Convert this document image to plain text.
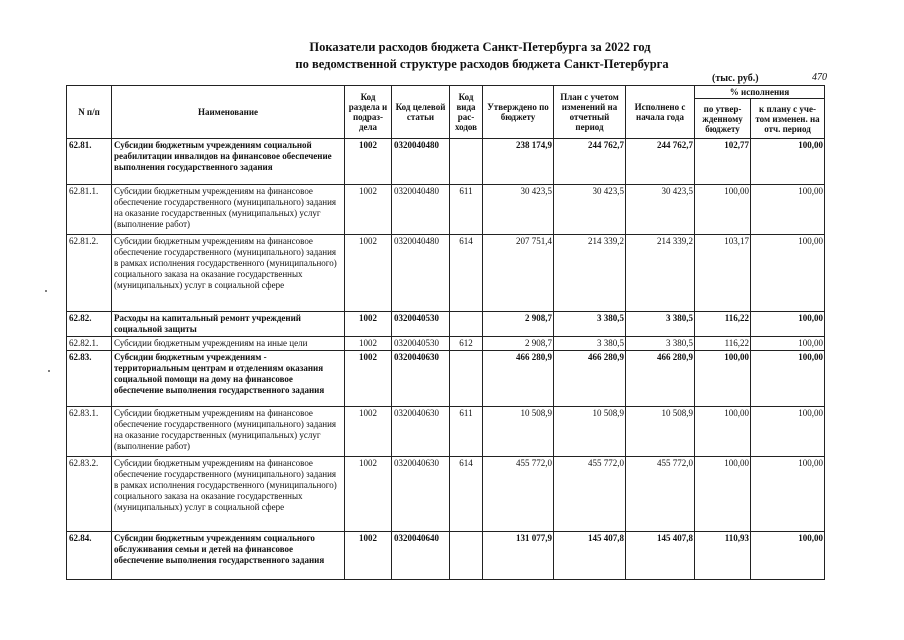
Показатели расходов бюджета Санкт-Петербурга за 2022 год
по ведомственной структуре расходов бюджета Санкт-Петербурга
(тыс. руб.)	470
N п/п	Наименование	Код раздела и подраз-дела	Код целевой статьи	Код вида рас-ходов	Утверждено по бюджету	План с учетом изменений на отчетный период	Исполнено с начала года	% исполнения	
								по утвер-жденному бюджету	к плану с уче-том изменен. на отч. период
62.81.	Субсидии бюджетным учреждениям социальной реабилитации инвалидов на финансовое обеспечение выполнения государственного задания	1002	0320040480		238 174,9	244 762,7	244 762,7	102,77	100,00
62.81.1.	Субсидии бюджетным учреждениям на финансовое обеспечение государственного (муниципального) задания на оказание государственных (муниципальных) услуг (выполнение работ)	1002	0320040480	611	30 423,5	30 423,5	30 423,5	100,00	100,00
62.81.2.	Субсидии бюджетным учреждениям на финансовое обеспечение государственного (муниципального) задания в рамках исполнения государственного (муниципального) социального заказа на оказание государственных (муниципальных) услуг в социальной сфере	1002	0320040480	614	207 751,4	214 339,2	214 339,2	103,17	100,00
62.82.	Расходы на капитальный ремонт учреждений социальной защиты	1002	0320040530		2 908,7	3 380,5	3 380,5	116,22	100,00
62.82.1.	Субсидии бюджетным учреждениям на иные цели	1002	0320040530	612	2 908,7	3 380,5	3 380,5	116,22	100,00
62.83.	Субсидии бюджетным учреждениям - территориальным центрам и отделениям оказания социальной помощи на дому на финансовое обеспечение выполнения государственного задания	1002	0320040630		466 280,9	466 280,9	466 280,9	100,00	100,00
62.83.1.	Субсидии бюджетным учреждениям на финансовое обеспечение государственного (муниципального) задания на оказание государственных (муниципальных) услуг (выполнение работ)	1002	0320040630	611	10 508,9	10 508,9	10 508,9	100,00	100,00
62.83.2.	Субсидии бюджетным учреждениям на финансовое обеспечение государственного (муниципального) задания в рамках исполнения государственного (муниципального) социального заказа на оказание государственных (муниципальных) услуг в социальной сфере	1002	0320040630	614	455 772,0	455 772,0	455 772,0	100,00	100,00
62.84.	Субсидии бюджетным учреждениям социального обслуживания семьи и детей на финансовое обеспечение выполнения государственного задания	1002	0320040640		131 077,9	145 407,8	145 407,8	110,93	100,00
